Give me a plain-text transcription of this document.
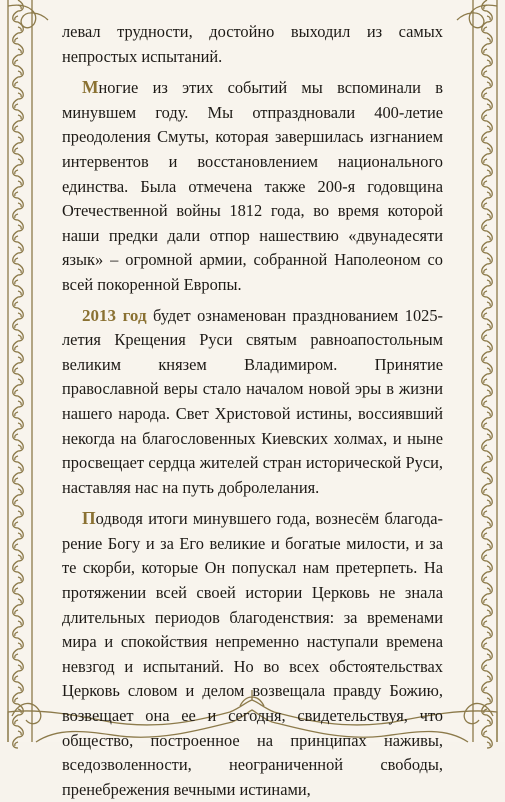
левал трудности, достойно выходил из самых непростых испытаний.

Многие из этих событий мы вспоминали в минувшем году. Мы отпраздновали 400-летие преодоления Смуты, которая завершилась изгнанием интервентов и восстановлением национального единства. Была отмечена также 200-я годовщина Отечественной войны 1812 года, во время которой наши предки дали отпор нашествию «двунадесяти язык» – огромной армии, собранной Наполеоном со всей покоренной Европы.

2013 год будет ознаменован празднованием 1025-летия Крещения Руси святым равноапостольным великим князем Владимиром. Принятие православной веры стало началом новой эры в жизни нашего народа. Свет Христовой истины, воссиявший некогда на благословенных Киевских холмах, и ныне просвещает сердца жителей стран исторической Руси, наставляя нас на путь добролелания.

Подводя итоги минувшего года, вознесём благодарение Богу и за Его великие и богатые милости, и за те скорби, которые Он попускал нам претерпеть. На протяжении всей своей истории Церковь не знала длительных периодов благоденствия: за временами мира и спокойствия непременно наступали времена невзгод и испытаний. Но во всех обстоятельствах Церковь словом и делом возвещала правду Божию, возвещает она ее и сегодня, свидетельствуя, что общество, построенное на принципах наживы, вседозволенности, неограниченной свободы, пренебрежения вечными истинами,
